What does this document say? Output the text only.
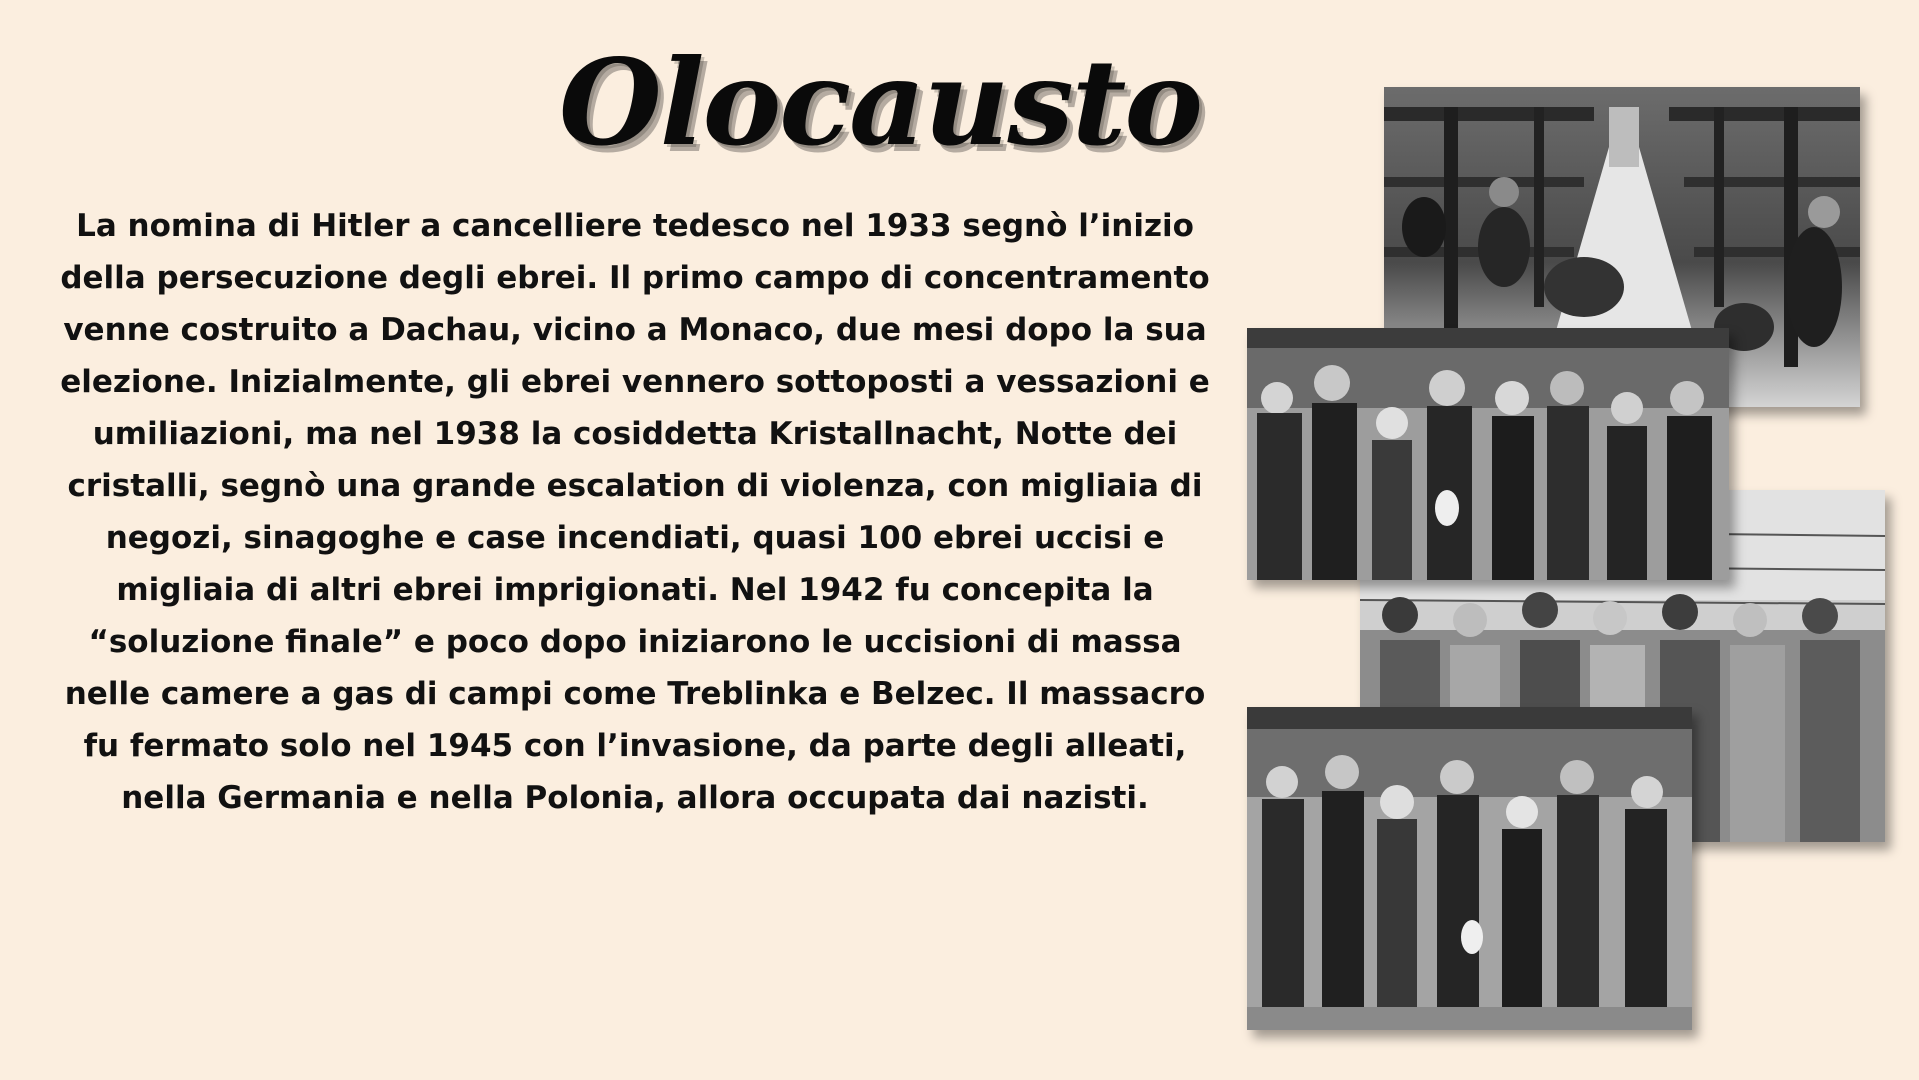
Olocausto

La nomina di Hitler a cancelliere tedesco nel 1933 segnò l’inizio della persecuzione degli ebrei. Il primo campo di concentramento venne costruito a Dachau, vicino a Monaco, due mesi dopo la sua elezione. Inizialmente, gli ebrei vennero sottoposti a vessazioni e umiliazioni, ma nel 1938 la cosiddetta Kristallnacht, Notte dei cristalli, segnò una grande escalation di violenza, con migliaia di negozi, sinagoghe e case incendiati, quasi 100 ebrei uccisi e migliaia di altri ebrei imprigionati. Nel 1942 fu concepita la “soluzione finale” e poco dopo iniziarono le uccisioni di massa nelle camere a gas di campi come Treblinka e Belzec. Il massacro fu fermato solo nel 1945 con l’invasione, da parte degli alleati, nella Germania e nella Polonia, allora occupata dai nazisti.
